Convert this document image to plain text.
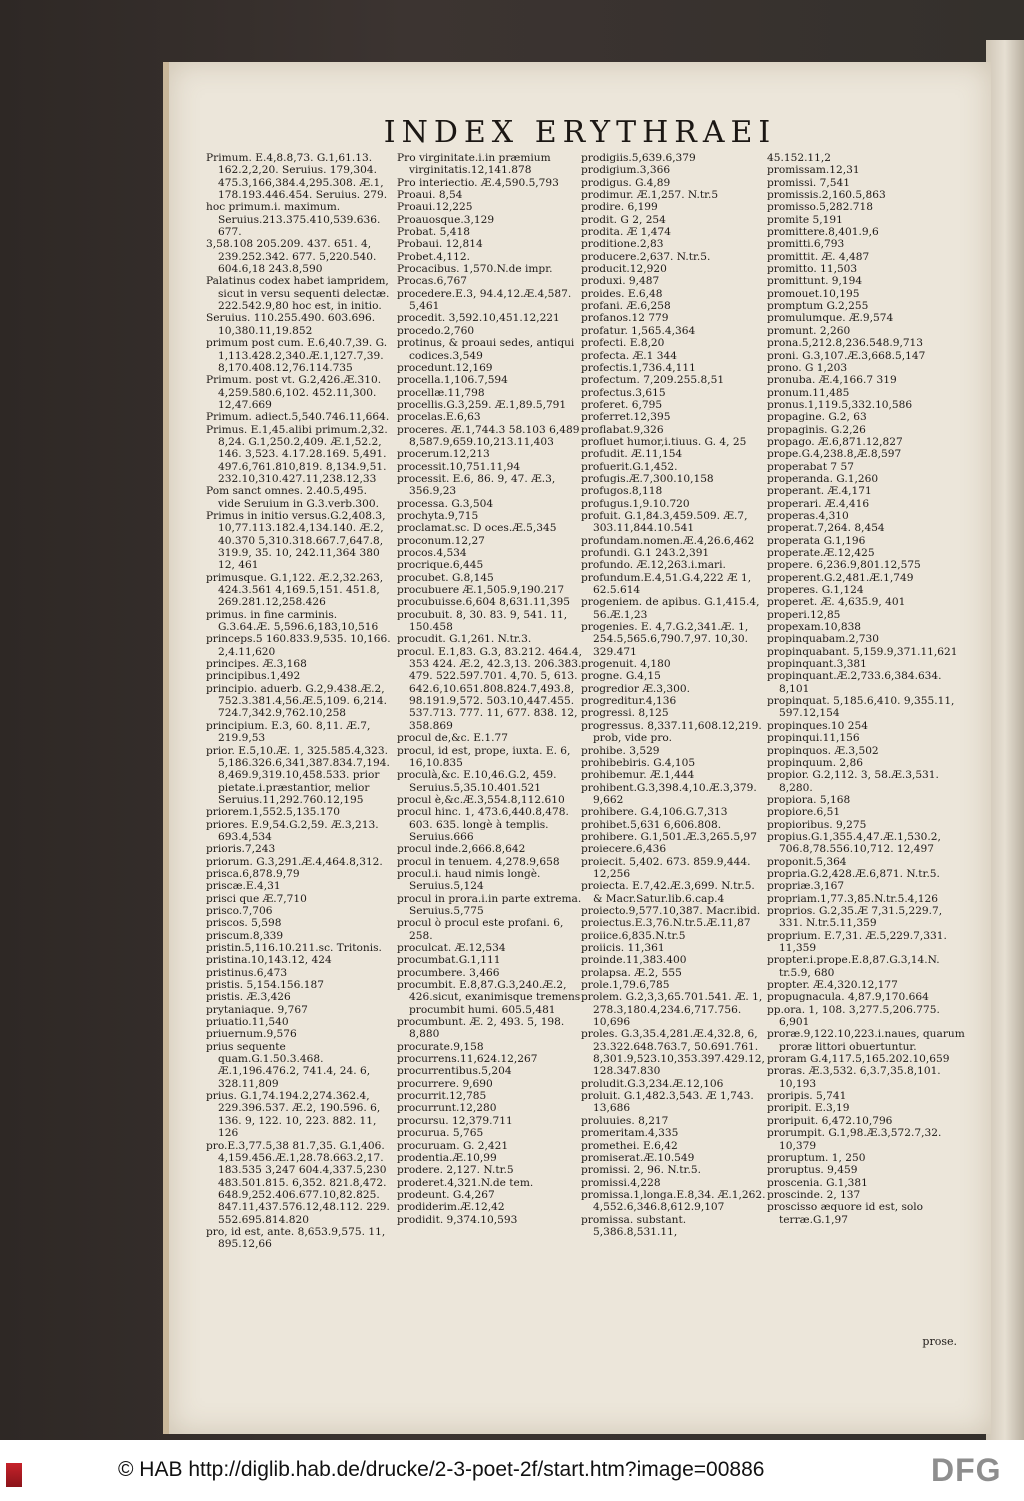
INDEX ERYTHRAEI
Primum. E.4,8.8,73. G.1,61.13. 162.2,2,20. Seruius. 179,304. 475.3,166,384.4,295.308. Æ.1, 178.193.446.454. Seruius. 279.
hoc primum.i. maximum. Seruius.213.375.410,539.636. 677.
3,58.108 205.209. 437. 651. 4, 239.252.342. 677. 5,220.540. 604.6,18 243.8,590
Palatinus codex habet iampridem, sicut in versu sequenti delectæ. 222.542.9,80 hoc est, in initio.
Seruius. 110.255.490. 603.696. 10,380.11,19.852
primum post cum. E.6,40.7,39. G. 1,113.428.2,340.Æ.1,127.7,39. 8,170.408.12,76.114.735
Primum. post vt. G.2,426.Æ.310. 4,259.580.6,102. 452.11,300. 12,47.669
Primum. adiect.5,540.746.11,664.
Primus. E.1,45.alibi primum.2,32. 8,24. G.1,250.2,409. Æ.1,52.2, 146. 3,523. 4.17.28.169. 5,491. 497.6,761.810,819. 8,134.9,51. 232.10,310.427.11,238.12,33
Pom sanct omnes. 2.40.5,495. vide Seruium in G.3.verb.300.
Primus in initio versus.G.2,408.3, 10,77.113.182.4,134.140. Æ.2, 40.370 5,310.318.667.7,647.8, 319.9, 35. 10, 242.11,364 380 12, 461
primusque. G.1,122. Æ.2,32.263, 424.3.561 4,169.5,151. 451.8, 269.281.12,258.426
primus. in fine carminis. G.3.64.Æ. 5,596.6,183,10,516
princeps.5 160.833.9,535. 10,166. 2,4.11,620
principes. Æ.3,168
principibus.1,492
principio. aduerb. G.2,9.438.Æ.2, 752.3.381.4,56.Æ.5,109. 6,214. 724.7,342.9,762.10,258
principium. E.3, 60. 8,11. Æ.7, 219.9,53
prior. E.5,10.Æ. 1, 325.585.4,323. 5,186.326.6,341,387.834.7,194. 8,469.9,319.10,458.533. prior pietate.i.præstantior, melior Seruius.11,292.760.12,195
priorem.1,552.5,135.170
priores. E.9,54.G.2,59. Æ.3,213. 693.4,534
prioris.7,243
priorum. G.3,291.Æ.4,464.8,312.
prisca.6,878.9,79
priscæ.E.4,31
prisci que Æ.7,710
prisco.7,706
priscos. 5,598
priscum.8,339
pristin.5,116.10.211.sc. Tritonis.
pristina.10,143.12, 424
pristinus.6,473
pristis. 5,154.156.187
pristis. Æ.3,426
prytaniaque. 9,767
priuatio.11,540
priuernum.9,576
prius sequente quam.G.1.50.3.468. Æ.1,196.476.2, 741.4, 24. 6, 328.11,809
prius. G.1,74.194.2,274.362.4, 229.396.537. Æ.2, 190.596. 6, 136. 9, 122. 10, 223. 882. 11, 126
pro.E.3,77.5,38 81.7,35. G.1,406. 4,159.456.Æ.1,28.78.663.2,17. 183.535 3,247 604.4,337.5,230 483.501.815. 6,352. 821.8,472. 648.9,252.406.677.10,82.825. 847.11,437.576.12,48.112. 229. 552.695.814.820
pro, id est, ante. 8,653.9,575. 11, 895.12,66
Pro virginitate.i.in præmium virginitatis.12,141.878
Pro interiectio. Æ.4,590.5,793
Proaui. 8,54
Proaui.12,225
Proauosque.3,129
Probat. 5,418
Probaui. 12,814
Probet.4,112.
Procacibus. 1,570.N.de impr.
Procas.6,767
procedere.E.3, 94.4,12.Æ.4,587. 5,461
procedit. 3,592.10,451.12,221
procedo.2,760
protinus, & proaui sedes, antiqui codices.3,549
procedunt.12,169
procella.1,106.7,594
procellæ.11,798
procellis.G.3,259. Æ.1,89.5,791
procelas.E.6,63
proceres. Æ.1,744.3 58.103 6,489 8,587.9,659.10,213.11,403
procerum.12,213
processit.10,751.11,94
processit. E.6, 86. 9, 47. Æ.3, 356.9,23
processa. G.3,504
prochyta.9,715
proclamat.sc. D oces.Æ.5,345
proconum.12,27
procos.4,534
procrique.6,445
procubet. G.8,145
procubuere Æ.1,505.9,190.217
procubuisse.6,604 8,631.11,395
procubuit. 8, 30. 83. 9, 541. 11, 150.458
procudit. G.1,261. N.tr.3.
procul. E.1,83. G.3, 83.212. 464.4, 353 424. Æ.2, 42.3,13. 206.383. 479. 522.597.701. 4,70. 5, 613. 642.6,10.651.808.824.7,493.8, 98.191.9,572. 503.10,447.455. 537.713. 777. 11, 677. 838. 12, 358.869
procul de,&c. E.1.77
procul, id est, prope, iuxta. E. 6, 16,10.835
proculà,&c. E.10,46.G.2, 459. Seruius.5,35.10.401.521
procul è,&c.Æ.3,554.8,112.610
procul hinc. 1, 473.6,440.8,478. 603. 635. longè à templis. Seruius.666
procul inde.2,666.8,642
procul in tenuem. 4,278.9,658
procul.i. haud nimis longè. Seruius.5,124
procul in prora.i.in parte extrema. Seruius.5,775
procul ò procul este profani. 6, 258.
proculcat. Æ.12,534
procumbat.G.1,111
procumbere. 3,466
procumbit. E.8,87.G.3,240.Æ.2, 426.sicut, exanimisque tremens procumbit humi. 605.5,481
procumbunt. Æ. 2, 493. 5, 198. 8,880
procurate.9,158
procurrens.11,624.12,267
procurrentibus.5,204
procurrere. 9,690
procurrit.12,785
procurrunt.12,280
procursu. 12,379.711
procurua. 5,765
procuruam. G. 2,421
prodentia.Æ.10,99
prodere. 2,127. N.tr.5
proderet.4,321.N.de tem.
prodeunt. G.4,267
prodiderim.Æ.12,42
prodidit. 9,374.10,593
prodigiis.5,639.6,379
prodigium.3,366
prodigus. G.4,89
prodimur. Æ.1,257. N.tr.5
prodire. 6,199
prodit. G 2, 254
prodita. Æ 1,474
proditione.2,83
producere.2,637. N.tr.5.
producit.12,920
produxi. 9,487
proides. E.6,48
profani. Æ.6,258
profanos.12 779
profatur. 1,565.4,364
profecti. E.8,20
profecta. Æ.1 344
profectis.1,736.4,111
profectum. 7,209.255.8,51
profectus.3,615
proferet. 6,795
proferret.12,395
proflabat.9,326
profluet humor,i.tiuus. G. 4, 25
profudit. Æ.11,154
profuerit.G.1,452.
profugis.Æ.7,300.10,158
profugos.8,118
profugus.1,9.10.720
profuit. G.1,84.3,459.509. Æ.7, 303.11,844.10.541
profundam.nomen.Æ.4,26.6,462
profundi. G.1 243.2,391
profundo. Æ.12,263.i.mari.
profundum.E.4,51.G.4,222 Æ 1, 62.5.614
progeniem. de apibus. G.1,415.4, 56.Æ.1,23
progenies. E. 4,7.G.2,341.Æ. 1, 254.5,565.6,790.7,97. 10,30. 329.471
progenuit. 4,180
progne. G.4,15
progredior Æ.3,300.
progreditur.4,136
progressi. 8,125
progressus. 8,337.11,608.12,219. prob, vide pro.
prohibe. 3,529
prohibebiris. G.4,105
prohibemur. Æ.1,444
prohibent.G.3,398.4,10.Æ.3,379. 9,662
prohibere. G.4,106.G.7,313
prohibet.5,631 6,606.808.
prohibere. G.1,501.Æ.3,265.5,97
proiecere.6,436
proiecit. 5,402. 673. 859.9,444. 12,256
proiecta. E.7,42.Æ.3,699. N.tr.5. & Macr.Satur.lib.6.cap.4
proiecto.9,577.10,387. Macr.ibid.
proiectus.E.3,76.N.tr.5.Æ.11,87
proiice.6,835.N.tr.5
proiicis. 11,361
proinde.11,383.400
prolapsa. Æ.2, 555
prole.1,79.6,785
prolem. G.2,3,3,65.701.541. Æ. 1, 278.3,180.4,234.6,717.756. 10,696
proles. G.3,35.4,281.Æ.4,32.8, 6, 23.322.648.763.7, 50.691.761. 8,301.9,523.10,353.397.429.12, 128.347.830
proludit.G.3,234.Æ.12,106
proluit. G.1,482.3,543. Æ 1,743. 13,686
proluuies. 8,217
promeritam.4,335
promethei. E.6,42
promiserat.Æ.10.549
promissi. 2, 96. N.tr.5.
promissi.4,228
promissa.1,longa.E.8,34. Æ.1,262. 4,552.6,346.8,612.9,107
promissa. substant. 5,386.8,531.11,
45.152.11,2
promissam.12,31
promissi. 7,541
promissis.2,160.5,863
promisso.5,282.718
promite 5,191
promittere.8,401.9,6
promitti.6,793
promittit. Æ. 4,487
promitto. 11,503
promittunt. 9,194
promouet.10,195
promptum G.2,255
promulumque. Æ.9,574
promunt. 2,260
prona.5,212.8,236.548.9,713
proni. G.3,107.Æ.3,668.5,147
prono. G 1,203
pronuba. Æ.4,166.7 319
pronum.11,485
pronus.1,119.5,332.10,586
propagine. G.2, 63
propaginis. G.2,26
propago. Æ.6,871.12,827
prope.G.4,238.8,Æ.8,597
properabat 7 57
properanda. G.1,260
properant. Æ.4,171
properari. Æ.4,416
properas.4,310
properat.7,264. 8,454
properata G.1,196
properate.Æ.12,425
propere. 6,236.9,801.12,575
properent.G.2,481.Æ.1,749
properes. G.1,124
properet. Æ. 4,635.9, 401
properi.12,85
propexam.10,838
propinquabam.2,730
propinquabant. 5,159.9,371.11,621
propinquant.3,381
propinquant.Æ.2,733.6,384.634. 8,101
propinquat. 5,185.6,410. 9,355.11, 597.12,154
propinques.10 254
propinqui.11,156
propinquos. Æ.3,502
propinquum. 2,86
propior. G.2,112. 3, 58.Æ.3,531. 8,280.
propiora. 5,168
propiore.6,51
propioribus. 9,275
propius.G.1,355.4,47.Æ.1,530.2, 706.8,78.556.10,712. 12,497
proponit.5,364
propria.G.2,428.Æ.6,871. N.tr.5.
propriæ.3,167
propriam.1,77.3,85.N.tr.5.4,126
proprios. G.2,35.Æ 7,31.5,229.7, 331. N.tr.5.11,359
proprium. E.7,31. Æ.5,229.7,331. 11,359
propter.i.prope.E.8,87.G.3,14.N. tr.5.9, 680
propter. Æ.4,320.12,177
propugnacula. 4,87.9,170.664
pp.ora. 1, 108. 3,277.5,206.775. 6,901
proræ.9,122.10,223.i.naues, quarum proræ littori obuertuntur.
proram G.4,117.5,165.202.10,659
proras. Æ.3,532. 6,3.7,35.8,101. 10,193
proripis. 5,741
proripit. E.3,19
proripuit. 6,472.10,796
prorumpit. G.1,98.Æ.3,572.7,32. 10,379
proruptum. 1, 250
proruptus. 9,459
proscenia. G.1,381
proscinde. 2, 137
proscisso æquore id est, solo terræ.G.1,97
prose.
© HAB http://diglib.hab.de/drucke/2-3-poet-2f/start.htm?image=00886	DFG
